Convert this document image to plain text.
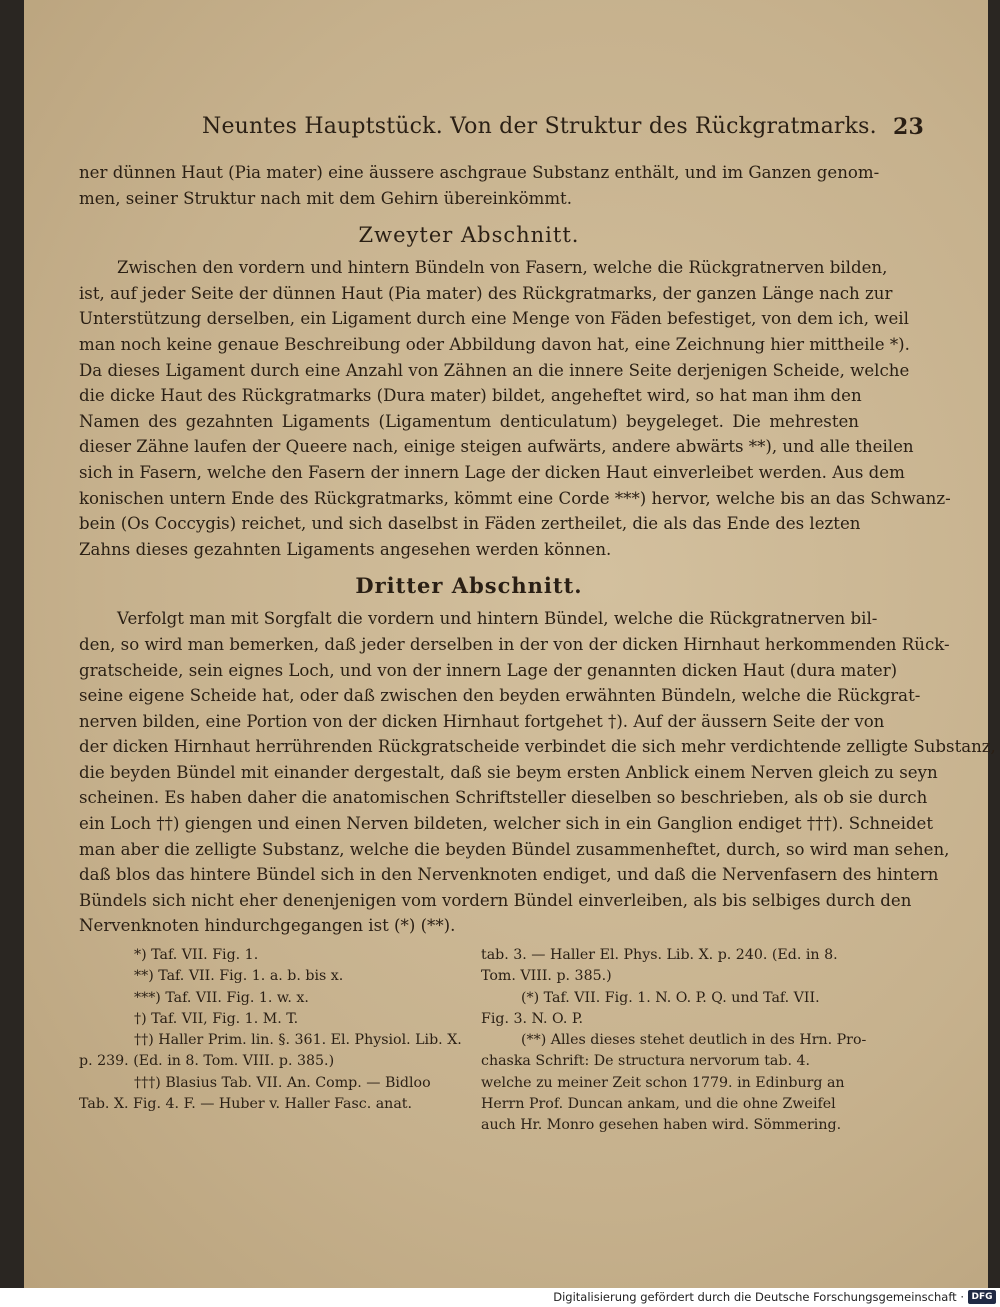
Neuntes Hauptstück. Von der Struktur des Rückgratmarks. 23
ner dünnen Haut (Pia mater) eine äussere aschgraue Substanz enthält, und im Ganzen genom-
men, seiner Struktur nach mit dem Gehirn übereinkömmt.
Zweyter Abschnitt.
Zwischen den vordern und hintern Bündeln von Fasern, welche die Rückgratnerven bilden,
ist, auf jeder Seite der dünnen Haut (Pia mater) des Rückgratmarks, der ganzen Länge nach zur
Unterstützung derselben, ein Ligament durch eine Menge von Fäden befestiget, von dem ich, weil
man noch keine genaue Beschreibung oder Abbildung davon hat, eine Zeichnung hier mittheile *).
Da dieses Ligament durch eine Anzahl von Zähnen an die innere Seite derjenigen Scheide, welche
die dicke Haut des Rückgratmarks (Dura mater) bildet, angeheftet wird, so hat man ihm den
Namen des gezahnten Ligaments (Ligamentum denticulatum) beygeleget. Die mehresten
dieser Zähne laufen der Queere nach, einige steigen aufwärts, andere abwärts **), und alle theilen
sich in Fasern, welche den Fasern der innern Lage der dicken Haut einverleibet werden. Aus dem
konischen untern Ende des Rückgratmarks, kömmt eine Corde ***) hervor, welche bis an das Schwanz-
bein (Os Coccygis) reichet, und sich daselbst in Fäden zertheilet, die als das Ende des lezten
Zahns dieses gezahnten Ligaments angesehen werden können.
Dritter Abschnitt.
Verfolgt man mit Sorgfalt die vordern und hintern Bündel, welche die Rückgratnerven bil-
den, so wird man bemerken, daß jeder derselben in der von der dicken Hirnhaut herkommenden Rück-
gratscheide, sein eignes Loch, und von der innern Lage der genannten dicken Haut (dura mater)
seine eigene Scheide hat, oder daß zwischen den beyden erwähnten Bündeln, welche die Rückgrat-
nerven bilden, eine Portion von der dicken Hirnhaut fortgehet †). Auf der äussern Seite der von
der dicken Hirnhaut herrührenden Rückgratscheide verbindet die sich mehr verdichtende zelligte Substanz,
die beyden Bündel mit einander dergestalt, daß sie beym ersten Anblick einem Nerven gleich zu seyn
scheinen. Es haben daher die anatomischen Schriftsteller dieselben so beschrieben, als ob sie durch
ein Loch ††) giengen und einen Nerven bildeten, welcher sich in ein Ganglion endiget †††). Schneidet
man aber die zelligte Substanz, welche die beyden Bündel zusammenheftet, durch, so wird man sehen,
daß blos das hintere Bündel sich in den Nervenknoten endiget, und daß die Nervenfasern des hintern
Bündels sich nicht eher denenjenigen vom vordern Bündel einverleiben, als bis selbiges durch den
Nervenknoten hindurchgegangen ist (*) (**).
*) Taf. VII. Fig. 1.
**) Taf. VII. Fig. 1. a. b. bis x.
***) Taf. VII. Fig. 1. w. x.
†) Taf. VII, Fig. 1. M. T.
††) Haller Prim. lin. §. 361. El. Physiol. Lib. X.
p. 239. (Ed. in 8. Tom. VIII. p. 385.)
†††) Blasius Tab. VII. An. Comp. — Bidloo
Tab. X. Fig. 4. F. — Huber v. Haller Fasc. anat.
tab. 3. — Haller El. Phys. Lib. X. p. 240. (Ed. in 8.
Tom. VIII. p. 385.)
(*) Taf. VII. Fig. 1. N. O. P. Q. und Taf. VII.
Fig. 3. N. O. P.
(**) Alles dieses stehet deutlich in des Hrn. Pro-
chaska Schrift: De structura nervorum tab. 4.
welche zu meiner Zeit schon 1779. in Edinburg an
Herrn Prof. Duncan ankam, und die ohne Zweifel
auch Hr. Monro gesehen haben wird. Sömmering.
Digitalisierung gefördert durch die Deutsche Forschungsgemeinschaft · DFG
